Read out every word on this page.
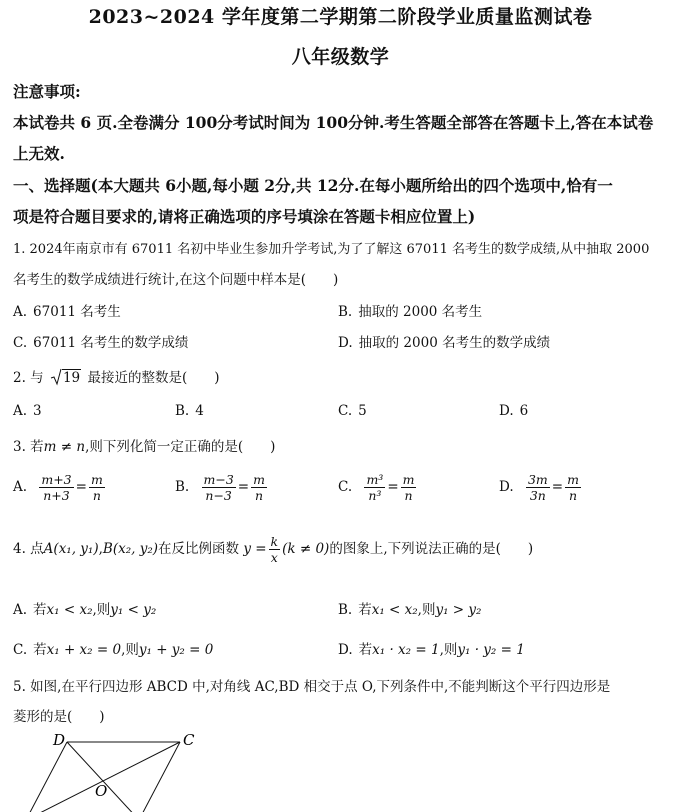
2023~2024 学年度第二学期第二阶段学业质量监测试卷
八年级数学
注意事项:
本试卷共 6 页.全卷满分 100分考试时间为 100分钟.考生答题全部答在答题卡上,答在本试卷
上无效.
一、选择题(本大题共 6小题,每小题 2分,共 12分.在每小题所给出的四个选项中,恰有一
项是符合题目要求的,请将正确选项的序号填涂在答题卡相应位置上)
1. 2024年南京市有 67011 名初中毕业生参加升学考试,为了了解这 67011 名考生的数学成绩,从中抽取 2000
名考生的数学成绩进行统计,在这个问题中样本是(　　)
A. 67011 名考生	B. 抽取的 2000 名考生
C. 67011 名考生的数学成绩	D. 抽取的 2000 名考生的数学成绩
2. 与 19 最接近的整数是(　　)
A. 3	B. 4	C. 5	D. 6
3. 若m ≠ n,则下列化简一定正确的是(　　)
A. $\frac{m+3}{n+3} = \frac{m}{n}$	B. $\frac{m-3}{n-3} = \frac{m}{n}$	C. $\frac{\text{m³}}{\text{n³}} = \frac{m}{n}$	D. $\frac{3m}{3n} = \frac{m}{n}$
4. 点A(x₁, y₁),B(x₂, y₂)在反比例函数 $y = \frac{k}{x} (k \ne 0)$的图象上,下列说法正确的是(　　)
A. 若x₁ < x₂,则y₁ < y₂	B. 若x₁ < x₂,则y₁ > y₂
C. 若x₁ + x₂ = 0,则y₁ + y₂ = 0	D. 若x₁ · x₂ = 1,则y₁ · y₂ = 1
5. 如图,在平行四边形 ABCD 中,对角线 AC,BD 相交于点 O,下列条件中,不能判断这个平行四边形是
菱形的是(　　)
D	C
O
